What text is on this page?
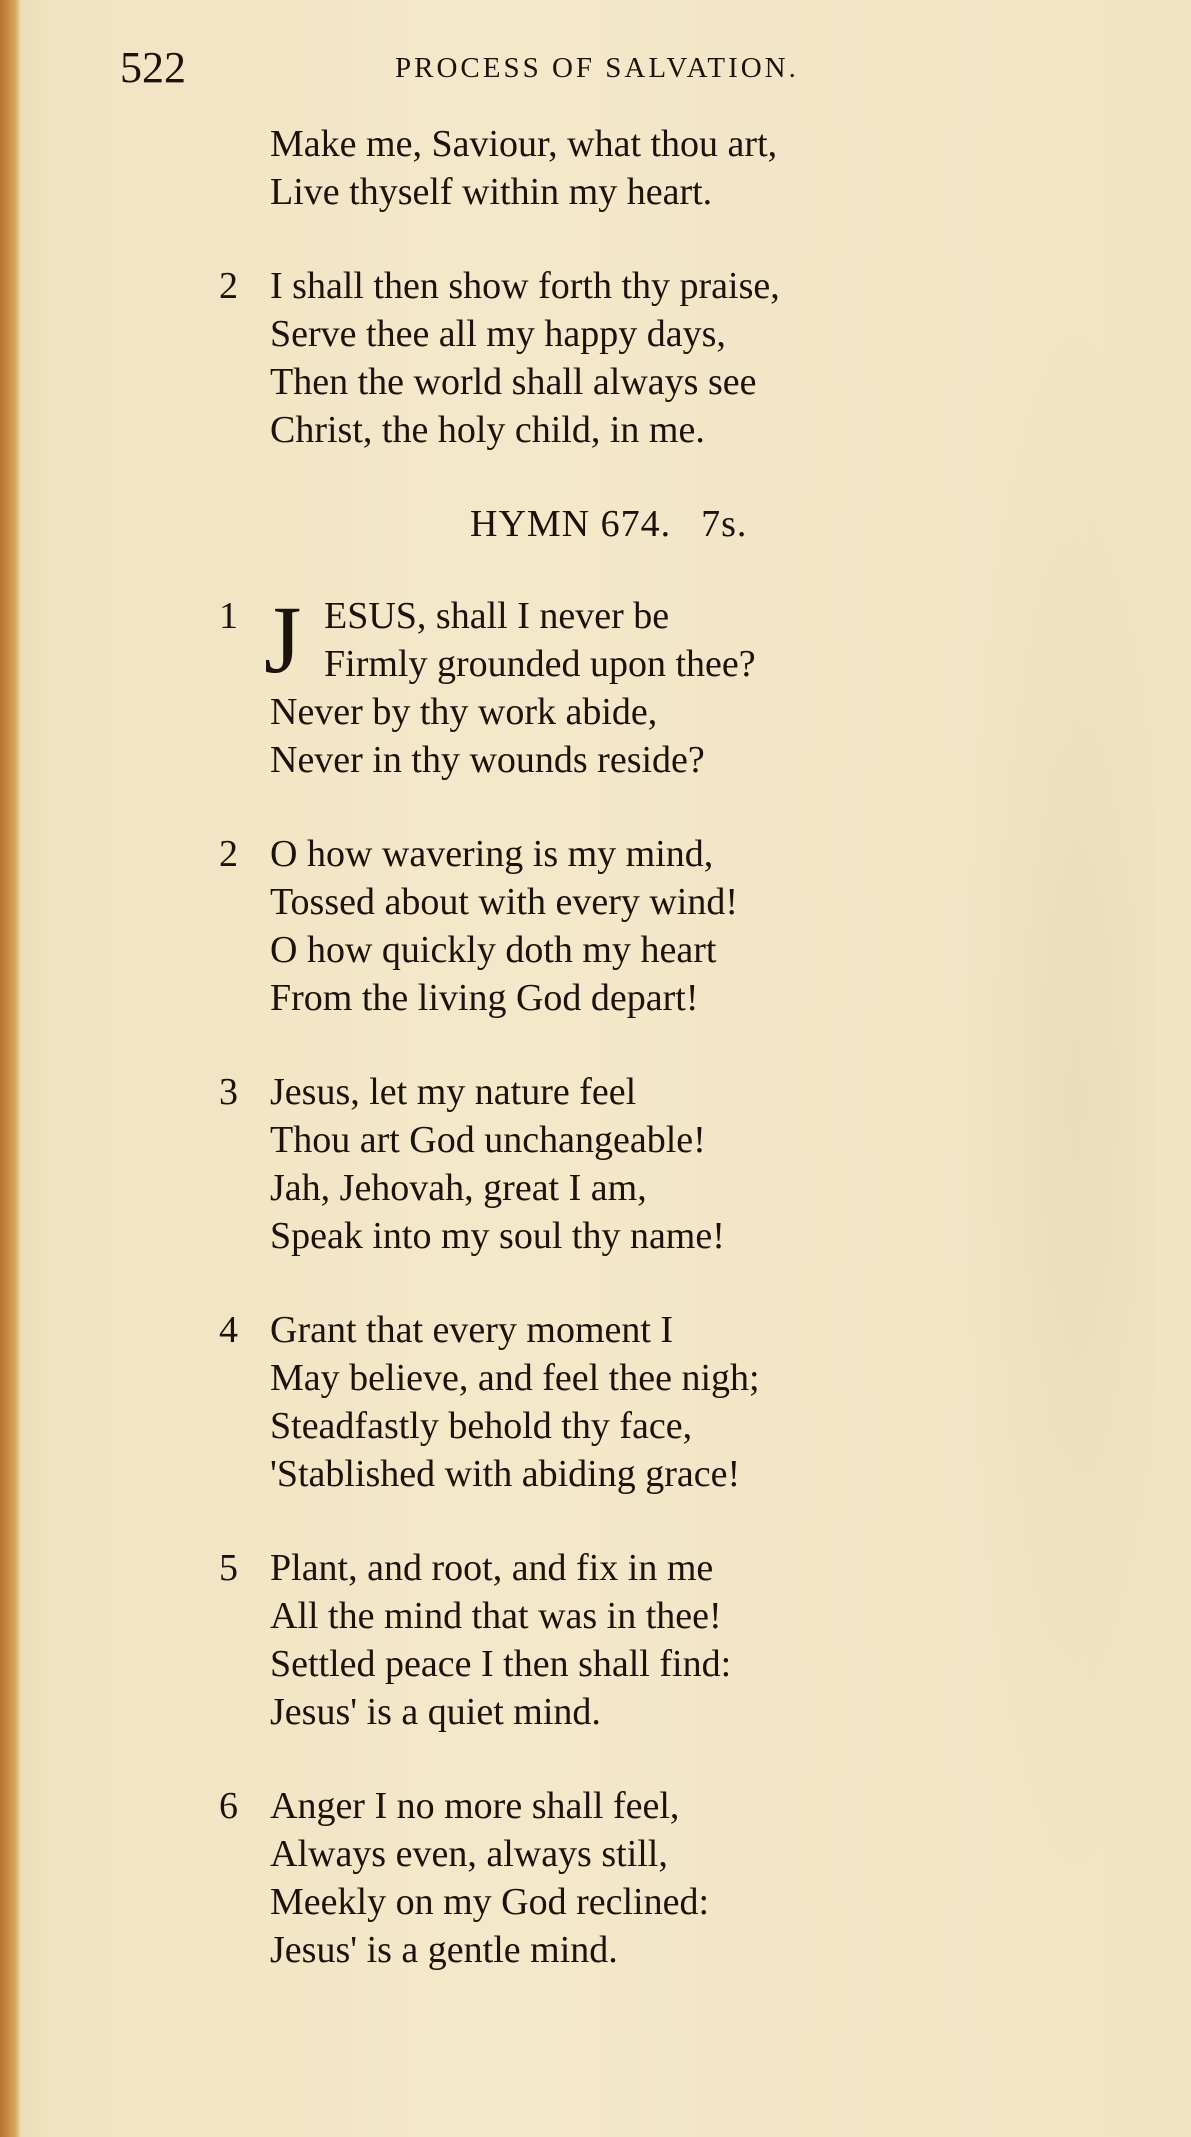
522	PROCESS OF SALVATION.
Make me, Saviour, what thou art,
Live thyself within my heart.
2 I shall then show forth thy praise,
Serve thee all my happy days,
Then the world shall always see
Christ, the holy child, in me.
HYMN 674. 7s.
1 J ESUS, shall I never be
Firmly grounded upon thee?
Never by thy work abide,
Never in thy wounds reside?
2 O how wavering is my mind,
Tossed about with every wind!
O how quickly doth my heart
From the living God depart!
3 Jesus, let my nature feel
Thou art God unchangeable!
Jah, Jehovah, great I am,
Speak into my soul thy name!
4 Grant that every moment I
May believe, and feel thee nigh;
Steadfastly behold thy face,
'Stablished with abiding grace!
5 Plant, and root, and fix in me
All the mind that was in thee!
Settled peace I then shall find:
Jesus' is a quiet mind.
6 Anger I no more shall feel,
Always even, always still,
Meekly on my God reclined:
Jesus' is a gentle mind.
